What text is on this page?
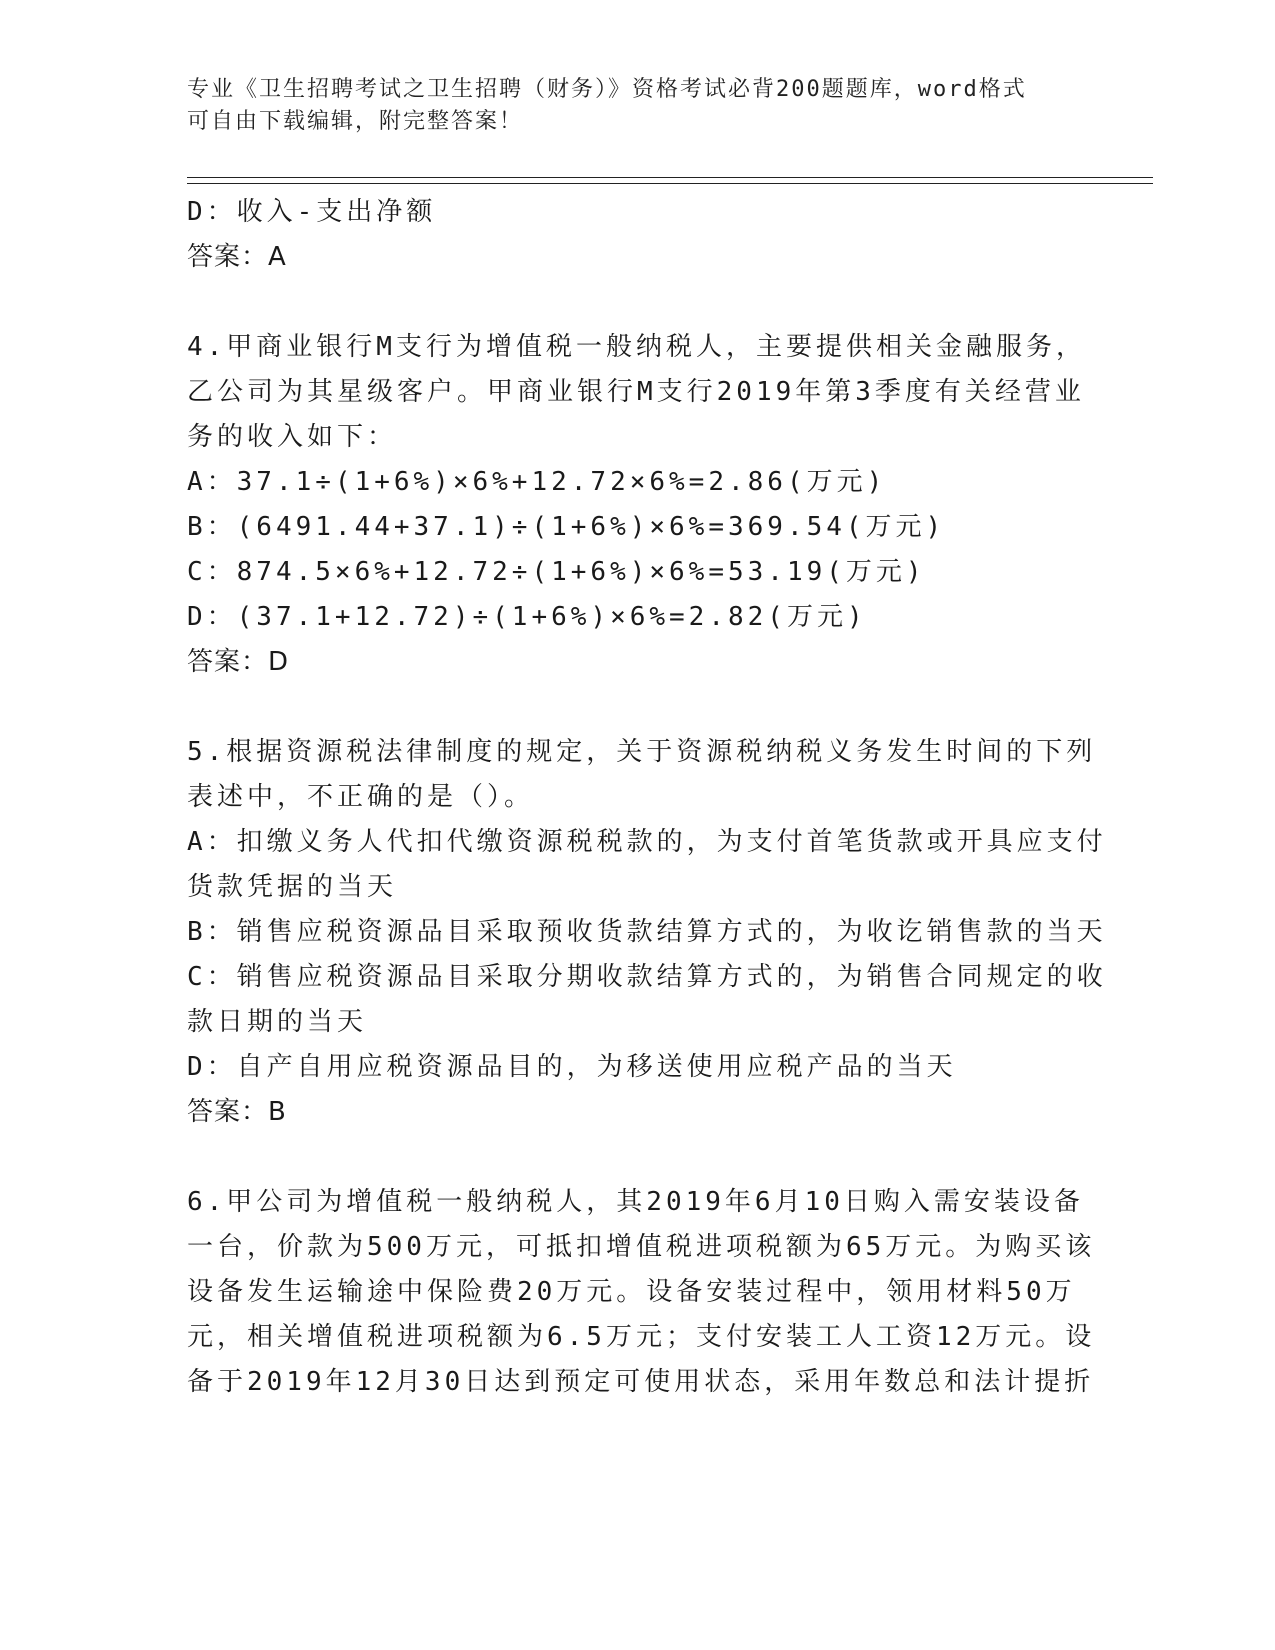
专业《卫生招聘考试之卫生招聘（财务）》资格考试必背200题题库，word格式
可自由下载编辑，附完整答案！
D：收入-支出净额
答案：A
4.甲商业银行M支行为增值税一般纳税人，主要提供相关金融服务，
乙公司为其星级客户。甲商业银行M支行2019年第3季度有关经营业
务的收入如下：
A：37.1÷(1+6%)×6%+12.72×6%=2.86(万元)
B：(6491.44+37.1)÷(1+6%)×6%=369.54(万元)
C：874.5×6%+12.72÷(1+6%)×6%=53.19(万元)
D：(37.1+12.72)÷(1+6%)×6%=2.82(万元)
答案：D
5.根据资源税法律制度的规定，关于资源税纳税义务发生时间的下列
表述中，不正确的是（）。
A：扣缴义务人代扣代缴资源税税款的，为支付首笔货款或开具应支付
货款凭据的当天
B：销售应税资源品目采取预收货款结算方式的，为收讫销售款的当天
C：销售应税资源品目采取分期收款结算方式的，为销售合同规定的收
款日期的当天
D：自产自用应税资源品目的，为移送使用应税产品的当天
答案：B
6.甲公司为增值税一般纳税人，其2019年6月10日购入需安装设备
一台，价款为500万元，可抵扣增值税进项税额为65万元。为购买该
设备发生运输途中保险费20万元。设备安装过程中，领用材料50万
元，相关增值税进项税额为6.5万元；支付安装工人工资12万元。设
备于2019年12月30日达到预定可使用状态，采用年数总和法计提折
